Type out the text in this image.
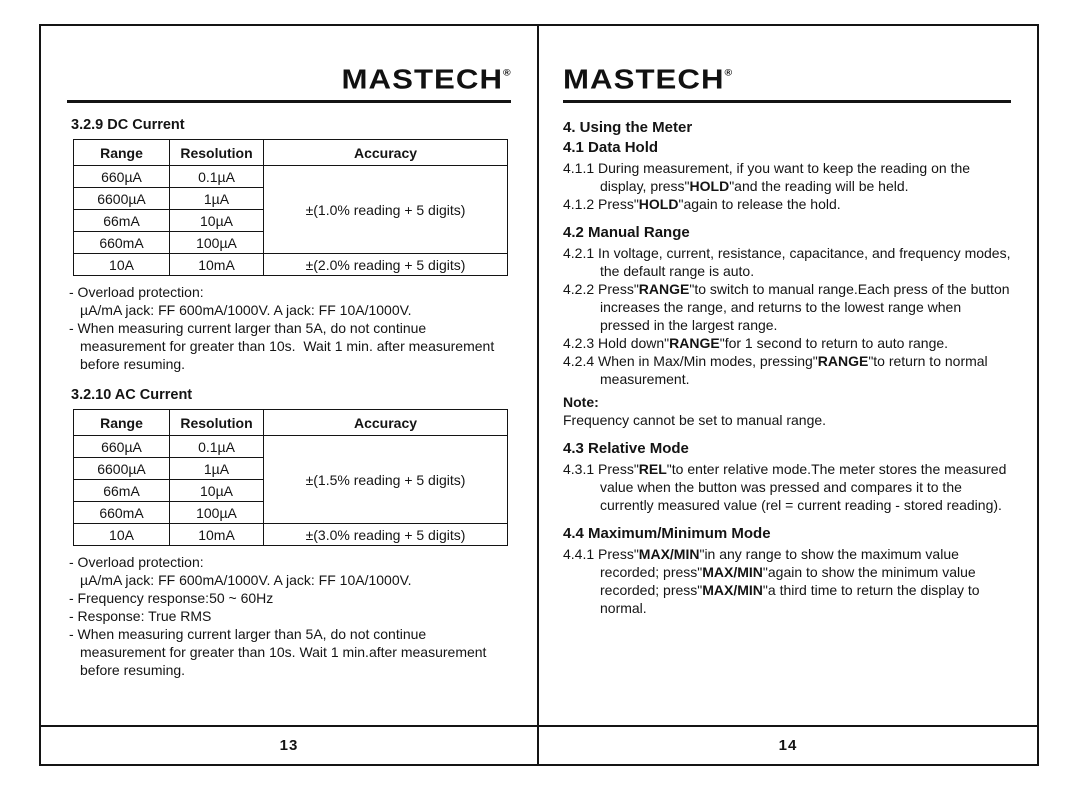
MASTECH®

3.2.9 DC Current

Range	Resolution	Accuracy
660µA	0.1µA	±(1.0% reading + 5 digits)
6600µA	1µA	
66mA	10µA	
660mA	100µA	
10A	10mA	±(2.0% reading + 5 digits)

- Overload protection:

µA/mA jack: FF 600mA/1000V. A jack: FF 10A/1000V.

- When measuring current larger than 5A, do not continue measurement for greater than 10s.  Wait 1 min. after measurement before resuming.

3.2.10 AC Current

Range	Resolution	Accuracy
660µA	0.1µA	±(1.5% reading + 5 digits)
6600µA	1µA	
66mA	10µA	
660mA	100µA	
10A	10mA	±(3.0% reading + 5 digits)

- Overload protection:

µA/mA jack: FF 600mA/1000V. A jack: FF 10A/1000V.

- Frequency response:50 ~ 60Hz

- Response: True RMS

- When measuring current larger than 5A, do not continue measurement for greater than 10s. Wait 1 min.after measurement before resuming.

13
MASTECH®

4. Using the Meter

4.1 Data Hold

4.1.1 During measurement, if you want to keep the reading on the display, press"HOLD"and the reading will be held.

4.1.2 Press"HOLD"again to release the hold.

4.2 Manual Range

4.2.1 In voltage, current, resistance, capacitance, and frequency modes, the default range is auto.

4.2.2 Press"RANGE"to switch to manual range.Each press of the button increases the range, and returns to the lowest range when pressed in the largest range.

4.2.3 Hold down"RANGE"for 1 second to return to auto range.

4.2.4 When in Max/Min modes, pressing"RANGE"to return to normal measurement.

Note:

Frequency cannot be set to manual range.

4.3 Relative Mode

4.3.1 Press"REL"to enter relative mode.The meter stores the measured value when the button was pressed and compares it to the currently measured value (rel = current reading - stored reading).

4.4 Maximum/Minimum Mode

4.4.1 Press"MAX/MIN"in any range to show the maximum value recorded; press"MAX/MIN"again to show the minimum value recorded; press"MAX/MIN"a third time to return the display to normal.

14
